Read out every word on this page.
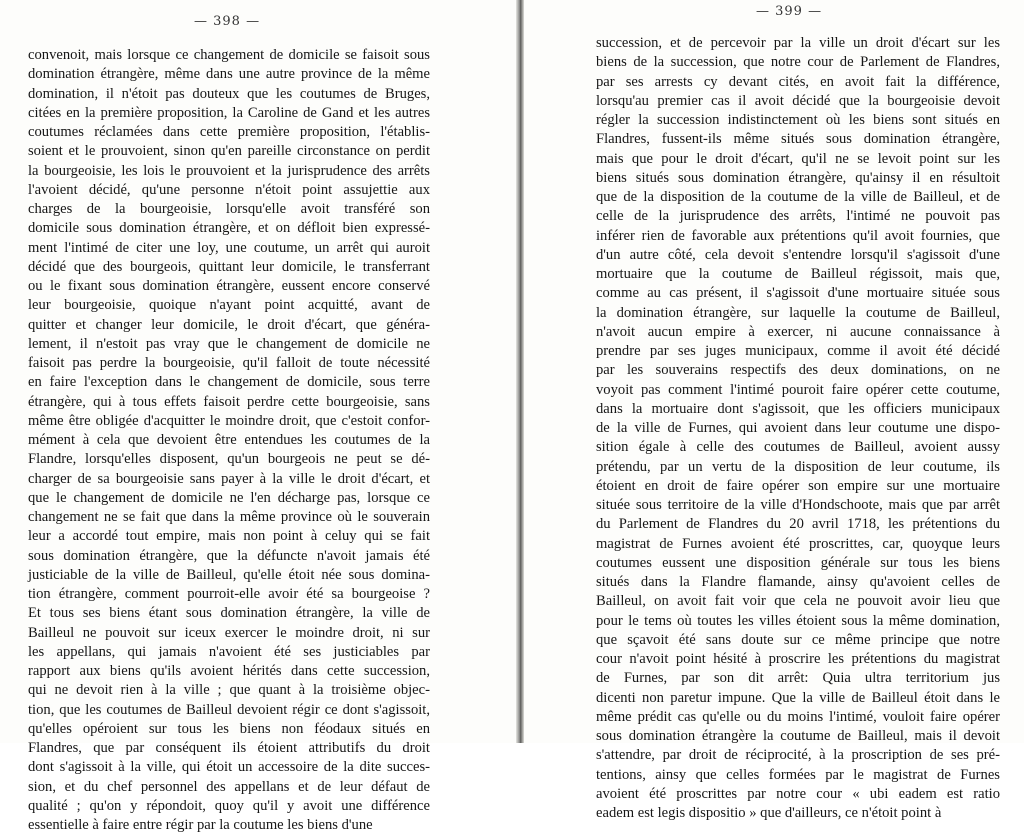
— 398 —
convenoit, mais lorsque ce changement de domicile se faisoit sous
domination étrangère, même dans une autre province de la même
domination, il n'étoit pas douteux que les coutumes de Bruges,
citées en la première proposition, la Caroline de Gand et les autres
coutumes réclamées dans cette première proposition, l'établis-
soient et le prouvoient, sinon qu'en pareille circonstance on perdit
la bourgeoisie, les lois le prouvoient et la jurisprudence des arrêts
l'avoient décidé, qu'une personne n'étoit point assujettie aux
charges de la bourgeoisie, lorsqu'elle avoit transféré son
domicile sous domination étrangère, et on défloit bien expressé-
ment l'intimé de citer une loy, une coutume, un arrêt qui auroit
décidé que des bourgeois, quittant leur domicile, le transferrant
ou le fixant sous domination étrangère, eussent encore conservé
leur bourgeoisie, quoique n'ayant point acquitté, avant de
quitter et changer leur domicile, le droit d'écart, que généra-
lement, il n'estoit pas vray que le changement de domicile ne
faisoit pas perdre la bourgeoisie, qu'il falloit de toute nécessité
en faire l'exception dans le changement de domicile, sous terre
étrangère, qui à tous effets faisoit perdre cette bourgeoisie, sans
même être obligée d'acquitter le moindre droit, que c'estoit confor-
mément à cela que devoient être entendues les coutumes de la
Flandre, lorsqu'elles disposent, qu'un bourgeois ne peut se dé-
charger de sa bourgeoisie sans payer à la ville le droit d'écart, et
que le changement de domicile ne l'en décharge pas, lorsque ce
changement ne se fait que dans la même province où le souverain
leur a accordé tout empire, mais non point à celuy qui se fait
sous domination étrangère, que la défuncte n'avoit jamais été
justiciable de la ville de Bailleul, qu'elle étoit née sous domina-
tion étrangère, comment pourroit-elle avoir été sa bourgeoise ?
Et tous ses biens étant sous domination étrangère, la ville de
Bailleul ne pouvoit sur iceux exercer le moindre droit, ni sur
les appellans, qui jamais n'avoient été ses justiciables par
rapport aux biens qu'ils avoient hérités dans cette succession,
qui ne devoit rien à la ville ; que quant à la troisième objec-
tion, que les coutumes de Bailleul devoient régir ce dont s'agissoit,
qu'elles opéroient sur tous les biens non féodaux situés en
Flandres, que par conséquent ils étoient attributifs du droit
dont s'agissoit à la ville, qui étoit un accessoire de la dite succes-
sion, et du chef personnel des appellans et de leur défaut de
qualité ; qu'on y répondoit, quoy qu'il y avoit une différence
essentielle à faire entre régir par la coutume les biens d'une
— 399 —
succession, et de percevoir par la ville un droit d'écart sur les
biens de la succession, que notre cour de Parlement de Flandres,
par ses arrests cy devant cités, en avoit fait la différence,
lorsqu'au premier cas il avoit décidé que la bourgeoisie devoit
régler la succession indistinctement où les biens sont situés en
Flandres, fussent-ils même situés sous domination étrangère,
mais que pour le droit d'écart, qu'il ne se levoit point sur les
biens situés sous domination étrangère, qu'ainsy il en résultoit
que de la disposition de la coutume de la ville de Bailleul, et de
celle de la jurisprudence des arrêts, l'intimé ne pouvoit pas
inférer rien de favorable aux prétentions qu'il avoit fournies, que
d'un autre côté, cela devoit s'entendre lorsqu'il s'agissoit d'une
mortuaire que la coutume de Bailleul régissoit, mais que,
comme au cas présent, il s'agissoit d'une mortuaire située sous
la domination étrangère, sur laquelle la coutume de Bailleul,
n'avoit aucun empire à exercer, ni aucune connaissance à
prendre par ses juges municipaux, comme il avoit été décidé
par les souverains respectifs des deux dominations, on ne
voyoit pas comment l'intimé pouroit faire opérer cette coutume,
dans la mortuaire dont s'agissoit, que les officiers municipaux
de la ville de Furnes, qui avoient dans leur coutume une dispo-
sition égale à celle des coutumes de Bailleul, avoient aussy
prétendu, par un vertu de la disposition de leur coutume, ils
étoient en droit de faire opérer son empire sur une mortuaire
située sous territoire de la ville d'Hondschoote, mais que par arrêt
du Parlement de Flandres du 20 avril 1718, les prétentions du
magistrat de Furnes avoient été proscrittes, car, quoyque leurs
coutumes eussent une disposition générale sur tous les biens
situés dans la Flandre flamande, ainsy qu'avoient celles de
Bailleul, on avoit fait voir que cela ne pouvoit avoir lieu que
pour le tems où toutes les villes étoient sous la même domination,
que sçavoit été sans doute sur ce même principe que notre
cour n'avoit point hésité à proscrire les prétentions du magistrat
de Furnes, par son dit arrêt: Quia ultra territorium jus
dicenti non paretur impune. Que la ville de Bailleul étoit dans le
même prédit cas qu'elle ou du moins l'intimé, vouloit faire opérer
sous domination étrangère la coutume de Bailleul, mais il devoit
s'attendre, par droit de réciprocité, à la proscription de ses pré-
tentions, ainsy que celles formées par le magistrat de Furnes
avoient été proscrittes par notre cour « ubi eadem est ratio
eadem est legis dispositio » que d'ailleurs, ce n'étoit point à
